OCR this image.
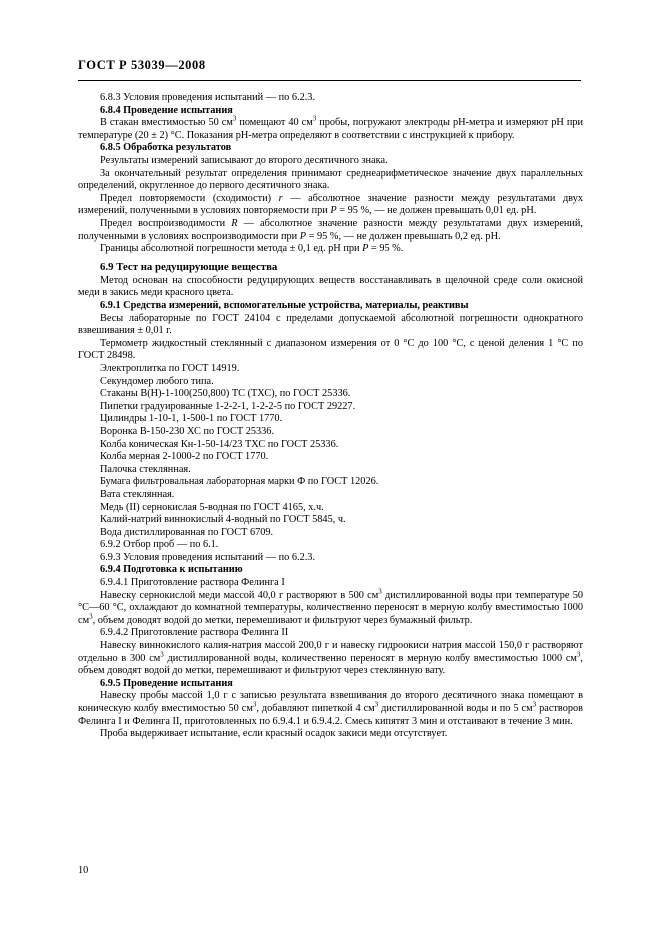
ГОСТ Р 53039—2008

6.8.3 Условия проведения испытаний — по 6.2.3.

6.8.4 Проведение испытания

В стакан вместимостью 50 $см^3$ помещают 40 $см^3$ пробы, погружают электроды pH-метра и измеряют pH при температуре (20 ± 2) °С. Показания pH-метра определяют в соответствии с инструкцией к прибору.

6.8.5 Обработка результатов

Результаты измерений записывают до второго десятичного знака.

За окончательный результат определения принимают среднеарифметическое значение двух параллельных определений, округленное до первого десятичного знака.

Предел повторяемости (сходимости) r — абсолютное значение разности между результатами двух измерений, полученными в условиях повторяемости при Р = 95 %, — не должен превышать 0,01 ед. pH.

Предел воспроизводимости R — абсолютное значение разности между результатами двух измерений, полученными в условиях воспроизводимости при Р = 95 %, — не должен превышать 0,2 ед. pH.

Границы абсолютной погрешности метода ± 0,1 ед. pH при Р = 95 %.

6.9 Тест на редуцирующие вещества

Метод основан на способности редуцирующих веществ восстанавливать в щелочной среде соли окисной меди в закись меди красного цвета.

6.9.1 Средства измерений, вспомогательные устройства, материалы, реактивы

Весы лабораторные по ГОСТ 24104 с пределами допускаемой абсолютной погрешности однократного взвешивания ± 0,01 г.

Термометр жидкостный стеклянный с диапазоном измерения от 0 °С до 100 °С, с ценой деления 1 °С по ГОСТ 28498.

Электроплитка по ГОСТ 14919.

Секундомер любого типа.

Стаканы В(Н)-1-100(250,800) ТС (ТХС), по ГОСТ 25336.

Пипетки градуированные 1-2-2-1, 1-2-2-5 по ГОСТ 29227.

Цилиндры 1-10-1, 1-500-1 по ГОСТ 1770.

Воронка В-150-230 ХС по ГОСТ 25336.

Колба коническая Кн-1-50-14/23 ТХС по ГОСТ 25336.

Колба мерная 2-1000-2 по ГОСТ 1770.

Палочка стеклянная.

Бумага фильтровальная лабораторная марки Ф по ГОСТ 12026.

Вата стеклянная.

Медь (II) сернокислая 5-водная по ГОСТ 4165, х.ч.

Калий-натрий виннокислый 4-водный по ГОСТ 5845, ч.

Вода дистиллированная по ГОСТ 6709.

6.9.2 Отбор проб — по 6.1.

6.9.3 Условия проведения испытаний — по 6.2.3.

6.9.4 Подготовка к испытанию

6.9.4.1 Приготовление раствора Фелинга I

Навеску сернокислой меди массой 40,0 г растворяют в 500 $см^3$ дистиллированной воды при температуре 50 °С—60 °С, охлаждают до комнатной температуры, количественно переносят в мерную колбу вместимостью 1000 $см^3$, объем доводят водой до метки, перемешивают и фильтруют через бумажный фильтр.

6.9.4.2 Приготовление раствора Фелинга II

Навеску виннокислого калия-натрия массой 200,0 г и навеску гидроокиси натрия массой 150,0 г растворяют отдельно в 300 $см^3$ дистиллированной воды, количественно переносят в мерную колбу вместимостью 1000 $см^3$, объем доводят водой до метки, перемешивают и фильтруют через стеклянную вату.

6.9.5 Проведение испытания

Навеску пробы массой 1,0 г с записью результата взвешивания до второго десятичного знака помещают в коническую колбу вместимостью 50 $см^3$, добавляют пипеткой 4 $см^3$ дистиллированной воды и по 5 $см^3$ растворов Фелинга I и Фелинга II, приготовленных по 6.9.4.1 и 6.9.4.2. Смесь кипятят 3 мин и отстаивают в течение 3 мин.

Проба выдерживает испытание, если красный осадок закиси меди отсутствует.

10
